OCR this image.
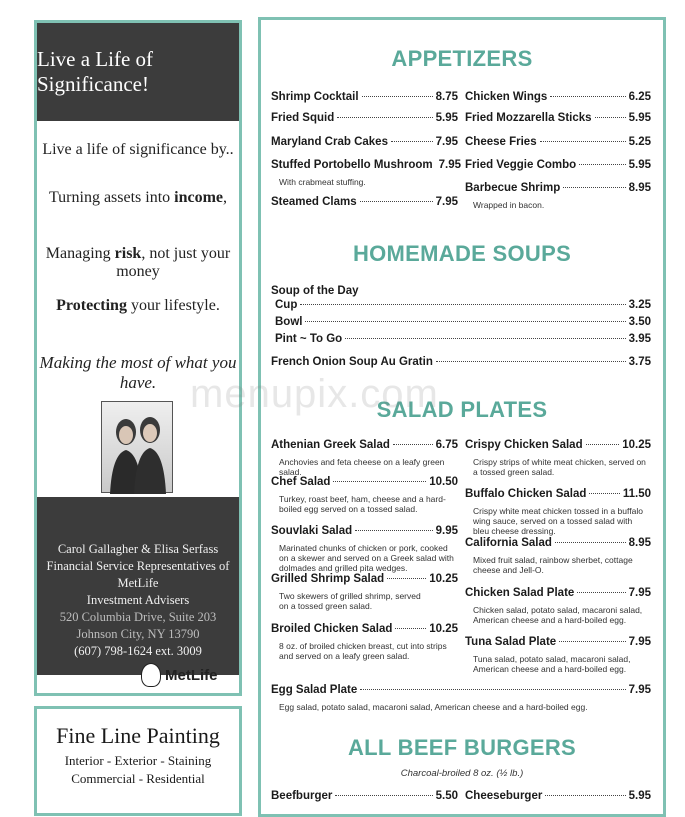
Live a Life of Significance!
Live a life of significance by..
Turning assets into income,
Managing risk, not just your money
Protecting your lifestyle.
Making the most of what you have.
Carol Gallagher & Elisa Serfass
Financial Service Representatives of MetLife
Investment Advisers
520 Columbia Drive, Suite 203
Johnson City, NY 13790
(607) 798-1624 ext. 3009
MetLife
Fine Line Painting
Interior - Exterior - Staining
Commercial - Residential
APPETIZERS
Shrimp Cocktail	8.75
Fried Squid	5.95
Maryland Crab Cakes	7.95
Stuffed Portobello Mushroom 7.95
With crabmeat stuffing.
Steamed Clams	7.95
Chicken Wings	6.25
Fried Mozzarella Sticks	5.95
Cheese Fries	5.25
Fried Veggie Combo	5.95
Barbecue Shrimp	8.95
Wrapped in bacon.
HOMEMADE SOUPS
Soup of the Day
Cup	3.25
Bowl	3.50
Pint ~ To Go	3.95
French Onion Soup Au Gratin	3.75
SALAD PLATES
Athenian Greek Salad	6.75
Anchovies and feta cheese on a leafy green salad.
Chef Salad	10.50
Turkey, roast beef, ham, cheese and a hard-boiled egg served on a tossed salad.
Souvlaki Salad	9.95
Marinated chunks of chicken or pork, cooked on a skewer and served on a Greek salad with dolmades and grilled pita wedges.
Grilled Shrimp Salad	10.25
Two skewers of grilled shrimp, served on a tossed green salad.
Broiled Chicken Salad	10.25
8 oz. of broiled chicken breast, cut into strips and served on a leafy green salad.
Crispy Chicken Salad	10.25
Crispy strips of white meat chicken, served on a tossed green salad.
Buffalo Chicken Salad	11.50
Crispy white meat chicken tossed in a buffalo wing sauce, served on a tossed salad with bleu cheese dressing.
California Salad	8.95
Mixed fruit salad, rainbow sherbet, cottage cheese and Jell-O.
Chicken Salad Plate	7.95
Chicken salad, potato salad, macaroni salad, American cheese and a hard-boiled egg.
Tuna Salad Plate	7.95
Tuna salad, potato salad, macaroni salad, American cheese and a hard-boiled egg.
Egg Salad Plate	7.95
Egg salad, potato salad, macaroni salad, American cheese and a hard-boiled egg.
ALL BEEF BURGERS
Charcoal-broiled 8 oz. (½ lb.)
Beefburger	5.50 Cheeseburger	5.95
menupix.com
